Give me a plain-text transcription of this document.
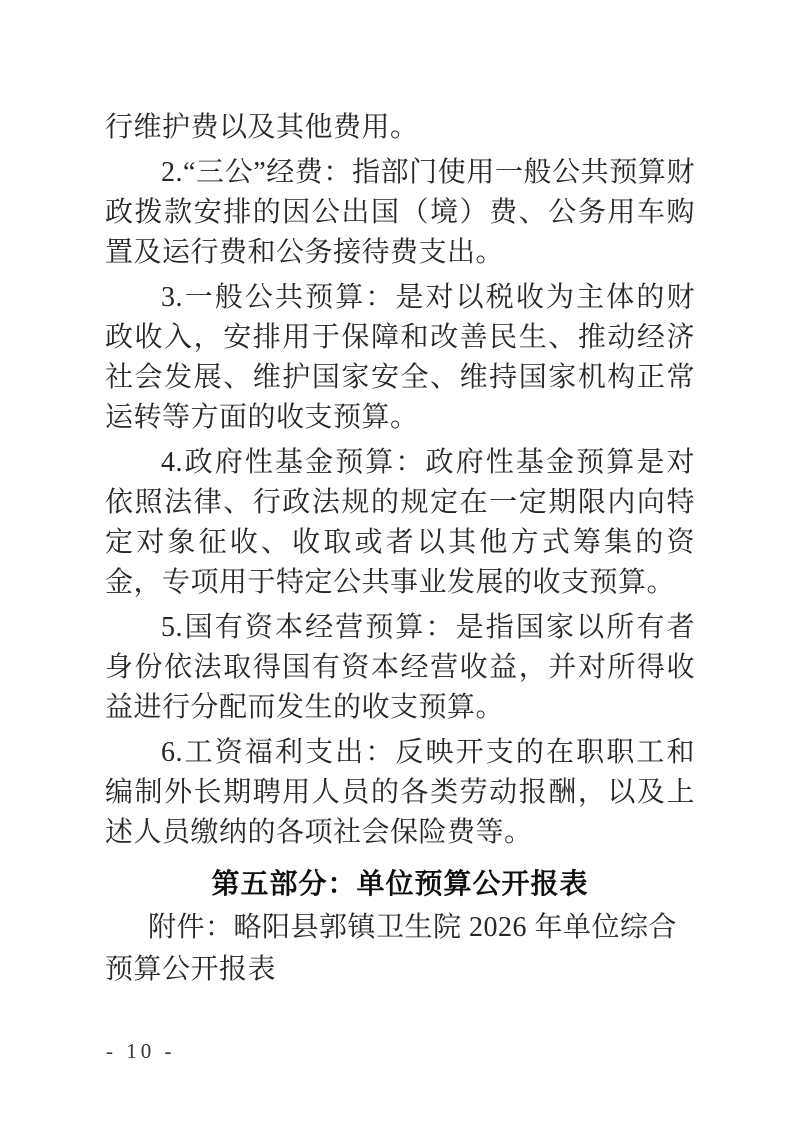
行维护费以及其他费用。

2.“三公”经费：指部门使用一般公共预算财政拨款安排的因公出国（境）费、公务用车购置及运行费和公务接待费支出。

3.一般公共预算：是对以税收为主体的财政收入，安排用于保障和改善民生、推动经济社会发展、维护国家安全、维持国家机构正常运转等方面的收支预算。

4.政府性基金预算：政府性基金预算是对依照法律、行政法规的规定在一定期限内向特定对象征收、收取或者以其他方式筹集的资金，专项用于特定公共事业发展的收支预算。

5.国有资本经营预算：是指国家以所有者身份依法取得国有资本经营收益，并对所得收益进行分配而发生的收支预算。

6.工资福利支出：反映开支的在职职工和编制外长期聘用人员的各类劳动报酬，以及上述人员缴纳的各项社会保险费等。

第五部分：单位预算公开报表

附件：略阳县郭镇卫生院 2026 年单位综合预算公开报表

- 10 -
